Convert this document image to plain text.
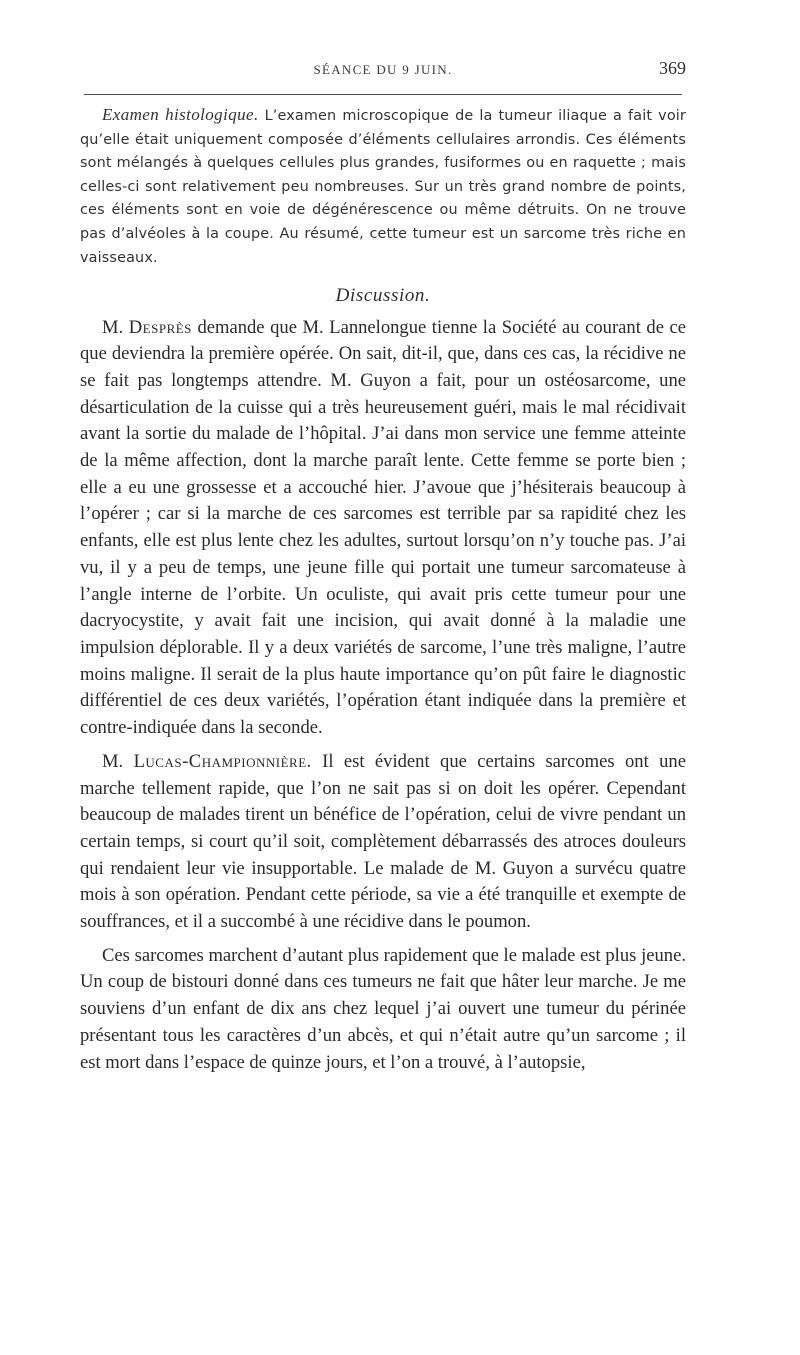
SÉANCE DU 9 JUIN.	369

Examen histologique. L’examen microscopique de la tumeur iliaque a fait voir qu’elle était uniquement composée d’éléments cellulaires arrondis. Ces éléments sont mélangés à quelques cellules plus grandes, fusiformes ou en raquette ; mais celles-ci sont relativement peu nombreuses. Sur un très grand nombre de points, ces éléments sont en voie de dégénérescence ou même détruits. On ne trouve pas d’alvéoles à la coupe. Au résumé, cette tumeur est un sarcome très riche en vaisseaux.

Discussion.

M. Desprès demande que M. Lannelongue tienne la Société au courant de ce que deviendra la première opérée. On sait, dit-il, que, dans ces cas, la récidive ne se fait pas longtemps attendre. M. Guyon a fait, pour un ostéosarcome, une désarticulation de la cuisse qui a très heureusement guéri, mais le mal récidivait avant la sortie du malade de l’hôpital. J’ai dans mon service une femme atteinte de la même affection, dont la marche paraît lente. Cette femme se porte bien ; elle a eu une grossesse et a accouché hier. J’avoue que j’hésiterais beaucoup à l’opérer ; car si la marche de ces sarcomes est terrible par sa rapidité chez les enfants, elle est plus lente chez les adultes, surtout lorsqu’on n’y touche pas. J’ai vu, il y a peu de temps, une jeune fille qui portait une tumeur sarcomateuse à l’angle interne de l’orbite. Un oculiste, qui avait pris cette tumeur pour une dacryocystite, y avait fait une incision, qui avait donné à la maladie une impulsion déplorable. Il y a deux variétés de sarcome, l’une très maligne, l’autre moins maligne. Il serait de la plus haute importance qu’on pût faire le diagnostic différentiel de ces deux variétés, l’opération étant indiquée dans la première et contre-indiquée dans la seconde.

M. Lucas-Championnière. Il est évident que certains sarcomes ont une marche tellement rapide, que l’on ne sait pas si on doit les opérer. Cependant beaucoup de malades tirent un bénéfice de l’opération, celui de vivre pendant un certain temps, si court qu’il soit, complètement débarrassés des atroces douleurs qui rendaient leur vie insupportable. Le malade de M. Guyon a survécu quatre mois à son opération. Pendant cette période, sa vie a été tranquille et exempte de souffrances, et il a succombé à une récidive dans le poumon.

Ces sarcomes marchent d’autant plus rapidement que le malade est plus jeune. Un coup de bistouri donné dans ces tumeurs ne fait que hâter leur marche. Je me souviens d’un enfant de dix ans chez lequel j’ai ouvert une tumeur du périnée présentant tous les caractères d’un abcès, et qui n’était autre qu’un sarcome ; il est mort dans l’espace de quinze jours, et l’on a trouvé, à l’autopsie,
